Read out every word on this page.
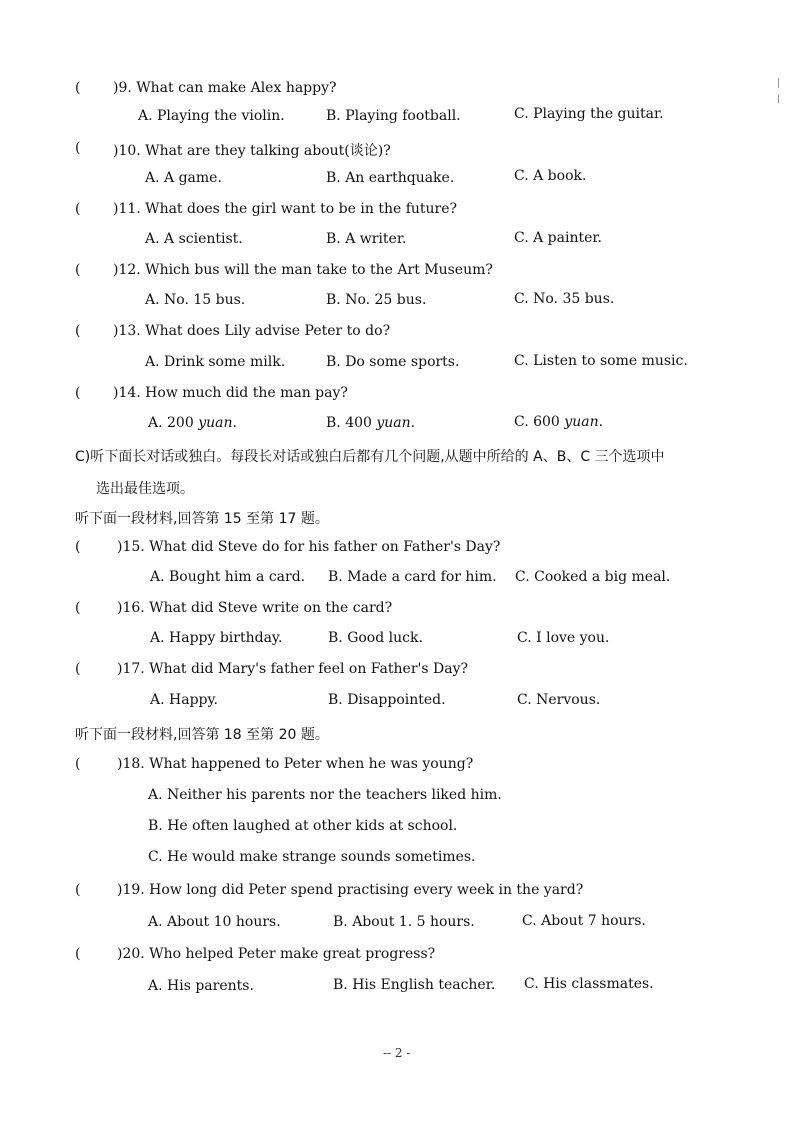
( )9. What can make Alex happy?
A. Playing the violin.	B. Playing football.	C. Playing the guitar.
( )10. What are they talking about(谈论)?
A. A game.	B. An earthquake.	C. A book.
( )11. What does the girl want to be in the future?
A. A scientist.	B. A writer.	C. A painter.
( )12. Which bus will the man take to the Art Museum?
A. No. 15 bus.	B. No. 25 bus.	C. No. 35 bus.
( )13. What does Lily advise Peter to do?
A. Drink some milk.	B. Do some sports.	C. Listen to some music.
( )14. How much did the man pay?
A. 200 yuan.	B. 400 yuan.	C. 600 yuan.
C)听下面长对话或独白。每段长对话或独白后都有几个问题,从题中所给的 A、B、C 三个选项中
选出最佳选项。
听下面一段材料,回答第 15 至第 17 题。
(	)15. What did Steve do for his father on Father's Day?
A. Bought him a card. B. Made a card for him. C. Cooked a big meal.
(	)16. What did Steve write on the card?
A. Happy birthday.	B. Good luck.	C. I love you.
(	)17. What did Mary's father feel on Father's Day?
A. Happy.	B. Disappointed.	C. Nervous.
听下面一段材料,回答第 18 至第 20 题。
(	)18. What happened to Peter when he was young?
A. Neither his parents nor the teachers liked him.
B. He often laughed at other kids at school.
C. He would make strange sounds sometimes.
(	)19. How long did Peter spend practising every week in the yard?
A. About 10 hours.	B. About 1. 5 hours.	C. About 7 hours.
(	)20. Who helped Peter make great progress?
A. His parents.	B. His English teacher. C. His classmates.
-- 2 -
